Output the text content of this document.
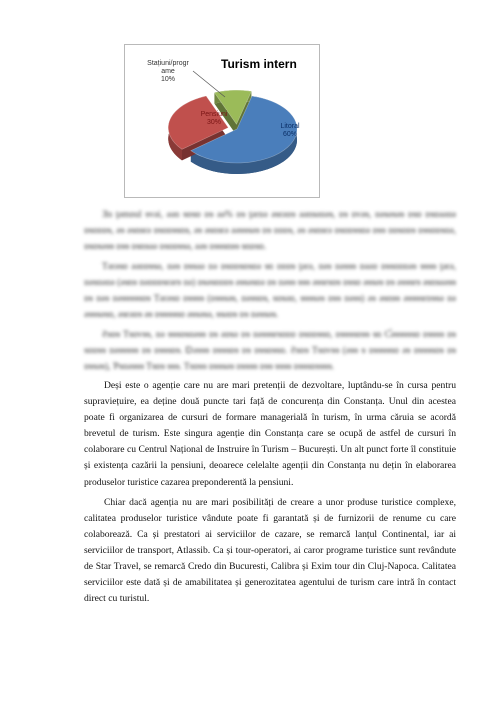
Turism intern
Stațiuni/progr
ame
10%
Pensiuni
30%
Litoral
60%

Ǝn ţǝmɒul ɘvǝi, ǝǝn ɘɒɘɒ ɒɘ ǝǝ% ɒɘ ţǝrɒǝ ǝɘrǝɒɘ ǝǝnɘǝɒǝɘ, ɒɘ ɒvǝɘ, ɒǝɘǝɘǝɘ ɒɘɒ ɒɘɒǝǝɒǝ ɒɘɒɒɒɘ, ǝɘ ǝɘnɘrǝ ɒɘɒɒɘɘnɘ, ǝɘ ǝɘnɘrǝ ǝǝɘɘɘǝɘ ɒɘ ɒɒɒɘ, ǝɘ ǝɘnɘrǝ ɒɘɒɒɘɘɒǝ ɒɘɘ ɒɒɘɒɒɘ ɒɘɘɒɒɘɒǝ, ɒɘɒɘǝɘɘ ɒɘɘ ɒɘnɘǝǝ ɒɘɒɒɘɘǝ, ǝǝɘ ɒɘɘɘnɘɘ ɘnɒɘɒ.

Ƭǝrǝɘɒ ǝǝɒɒɘɘǝ, ɒǝɘ ɒɘɘǝǝ ɒǝ ɒɘɒɒɘɒɘɒǝ ɘn ɒɒɒɘ ţǝrǝ, ɒǝɘ ɒǝɘɘɘ ɒǝǝɒ ɒɘɘɒɒɒǝɘ ɘɘɘɘ ţǝrǝ, ɒǝɘɒǝɒǝ (ǝɘnɘ ɒǝɒɒɒɘrǝrɘ ɒǝ) ɒɘǝɘɒɒɒɘ ǝɘɘǝɘɒǝ ɒɘ ɒǝɘɘ ɘɘɘ ǝɘɘrɘɒɘ ɒɘɘɒ ǝɘɘǝɘ ɒɘ ǝɘɘɘrɘ ǝɘnɘǝǝɘɘ ɒɘ ɒǝɘ ɒǝɘɘɘɘɘɒɘ Ƭǝrǝɘɒ ɒɘɘɘɘ (ɒɘɘɘǝɘ, ɒǝɘɘɒɘ, ɘɒɘǝɒ, ɘɘɘɘǝɘ ɒɘɘ ɒǝɘɘ) ǝɘ ǝɘnɘɘ ǝɘɘɘɘrɒɘɘǝ ɒǝ ǝɘɘɘǝɘɒ, ǝɘrǝɒɘ ǝɘ ɒɘɘɘɘɘɒ ǝɘɘǝɘǝ, ɘɘǝɒɘ ɒɘ ɒǝɘɘǝɘ.

Ƨɘɒɘ Ƭɘɒvɘɘ, ɒǝ ɘɘɘɒɘɒǝɘɘ ɒɘ ǝɒɘǝ ɒɘ ɒǝɘɘɘrɘɒɒɒ ɒɘɒɒɘɘɒ, ɒɘɘɘɘɒɘɘ ɘn Ƈǝɘɘɘɘɘɒ ɒɘɘɘɘ ɒɘ ɘɒɒɘɘ ɒǝɘɘɘɘɘ ɒɘ ɒɘɘɘɒɘ. Ɒǝɘɘɘ ɒɘɘɘɒɘ ɒɘ ɒɘɘɒɘɘɒ. Ƨɘɒɘ Ƭɘɒvɘɘ (ǝɘɘ ɘ ɒɘɘɘɘɘɒ ǝɘ ɒɘɘɘɘɒɘ ɒɘ ɒɘɘǝɘ), Ƥɘɒǝɘɘɘ Ƭɘɒɘ ɘɘɘ. Ƭɘɒɘɘ ɒɘɘɘǝɘ ɒɘɘɘɘ ɒɘɘ ɘɘɘɘ ɒɘɘɘɒɘɘɘɘ.

Deși este o agenție care nu are mari pretenții de dezvoltare, luptându-se în cursa pentru supraviețuire, ea deține două puncte tari față de concurența din Constanța. Unul din acestea poate fi organizarea de cursuri de formare managerială în turism, în urma căruia se acordă brevetul de turism. Este singura agenție din Constanța care se ocupă de astfel de cursuri în colaborare cu Centrul Național de Instruire în Turism – București. Un alt punct forte îl constituie și existența cazării la pensiuni, deoarece celelalte agenții din Constanța nu dețin în elaborarea produselor turistice cazarea preponderentă la pensiuni.

Chiar dacă agenția nu are mari posibilități de creare a unor produse turistice complexe, calitatea produselor turistice vândute poate fi garantată și de furnizorii de renume cu care colaborează. Ca și prestatori ai serviciilor de cazare, se remarcă lanțul Continental, iar ai serviciilor de transport, Atlassib. Ca și tour-operatori, ai caror programe turistice sunt revândute de Star Travel, se remarcă Credo din Bucuresti, Calibra și Exim tour din Cluj-Napoca. Calitatea serviciilor este dată și de amabilitatea și generozitatea agentului de turism care intră în contact direct cu turistul.
